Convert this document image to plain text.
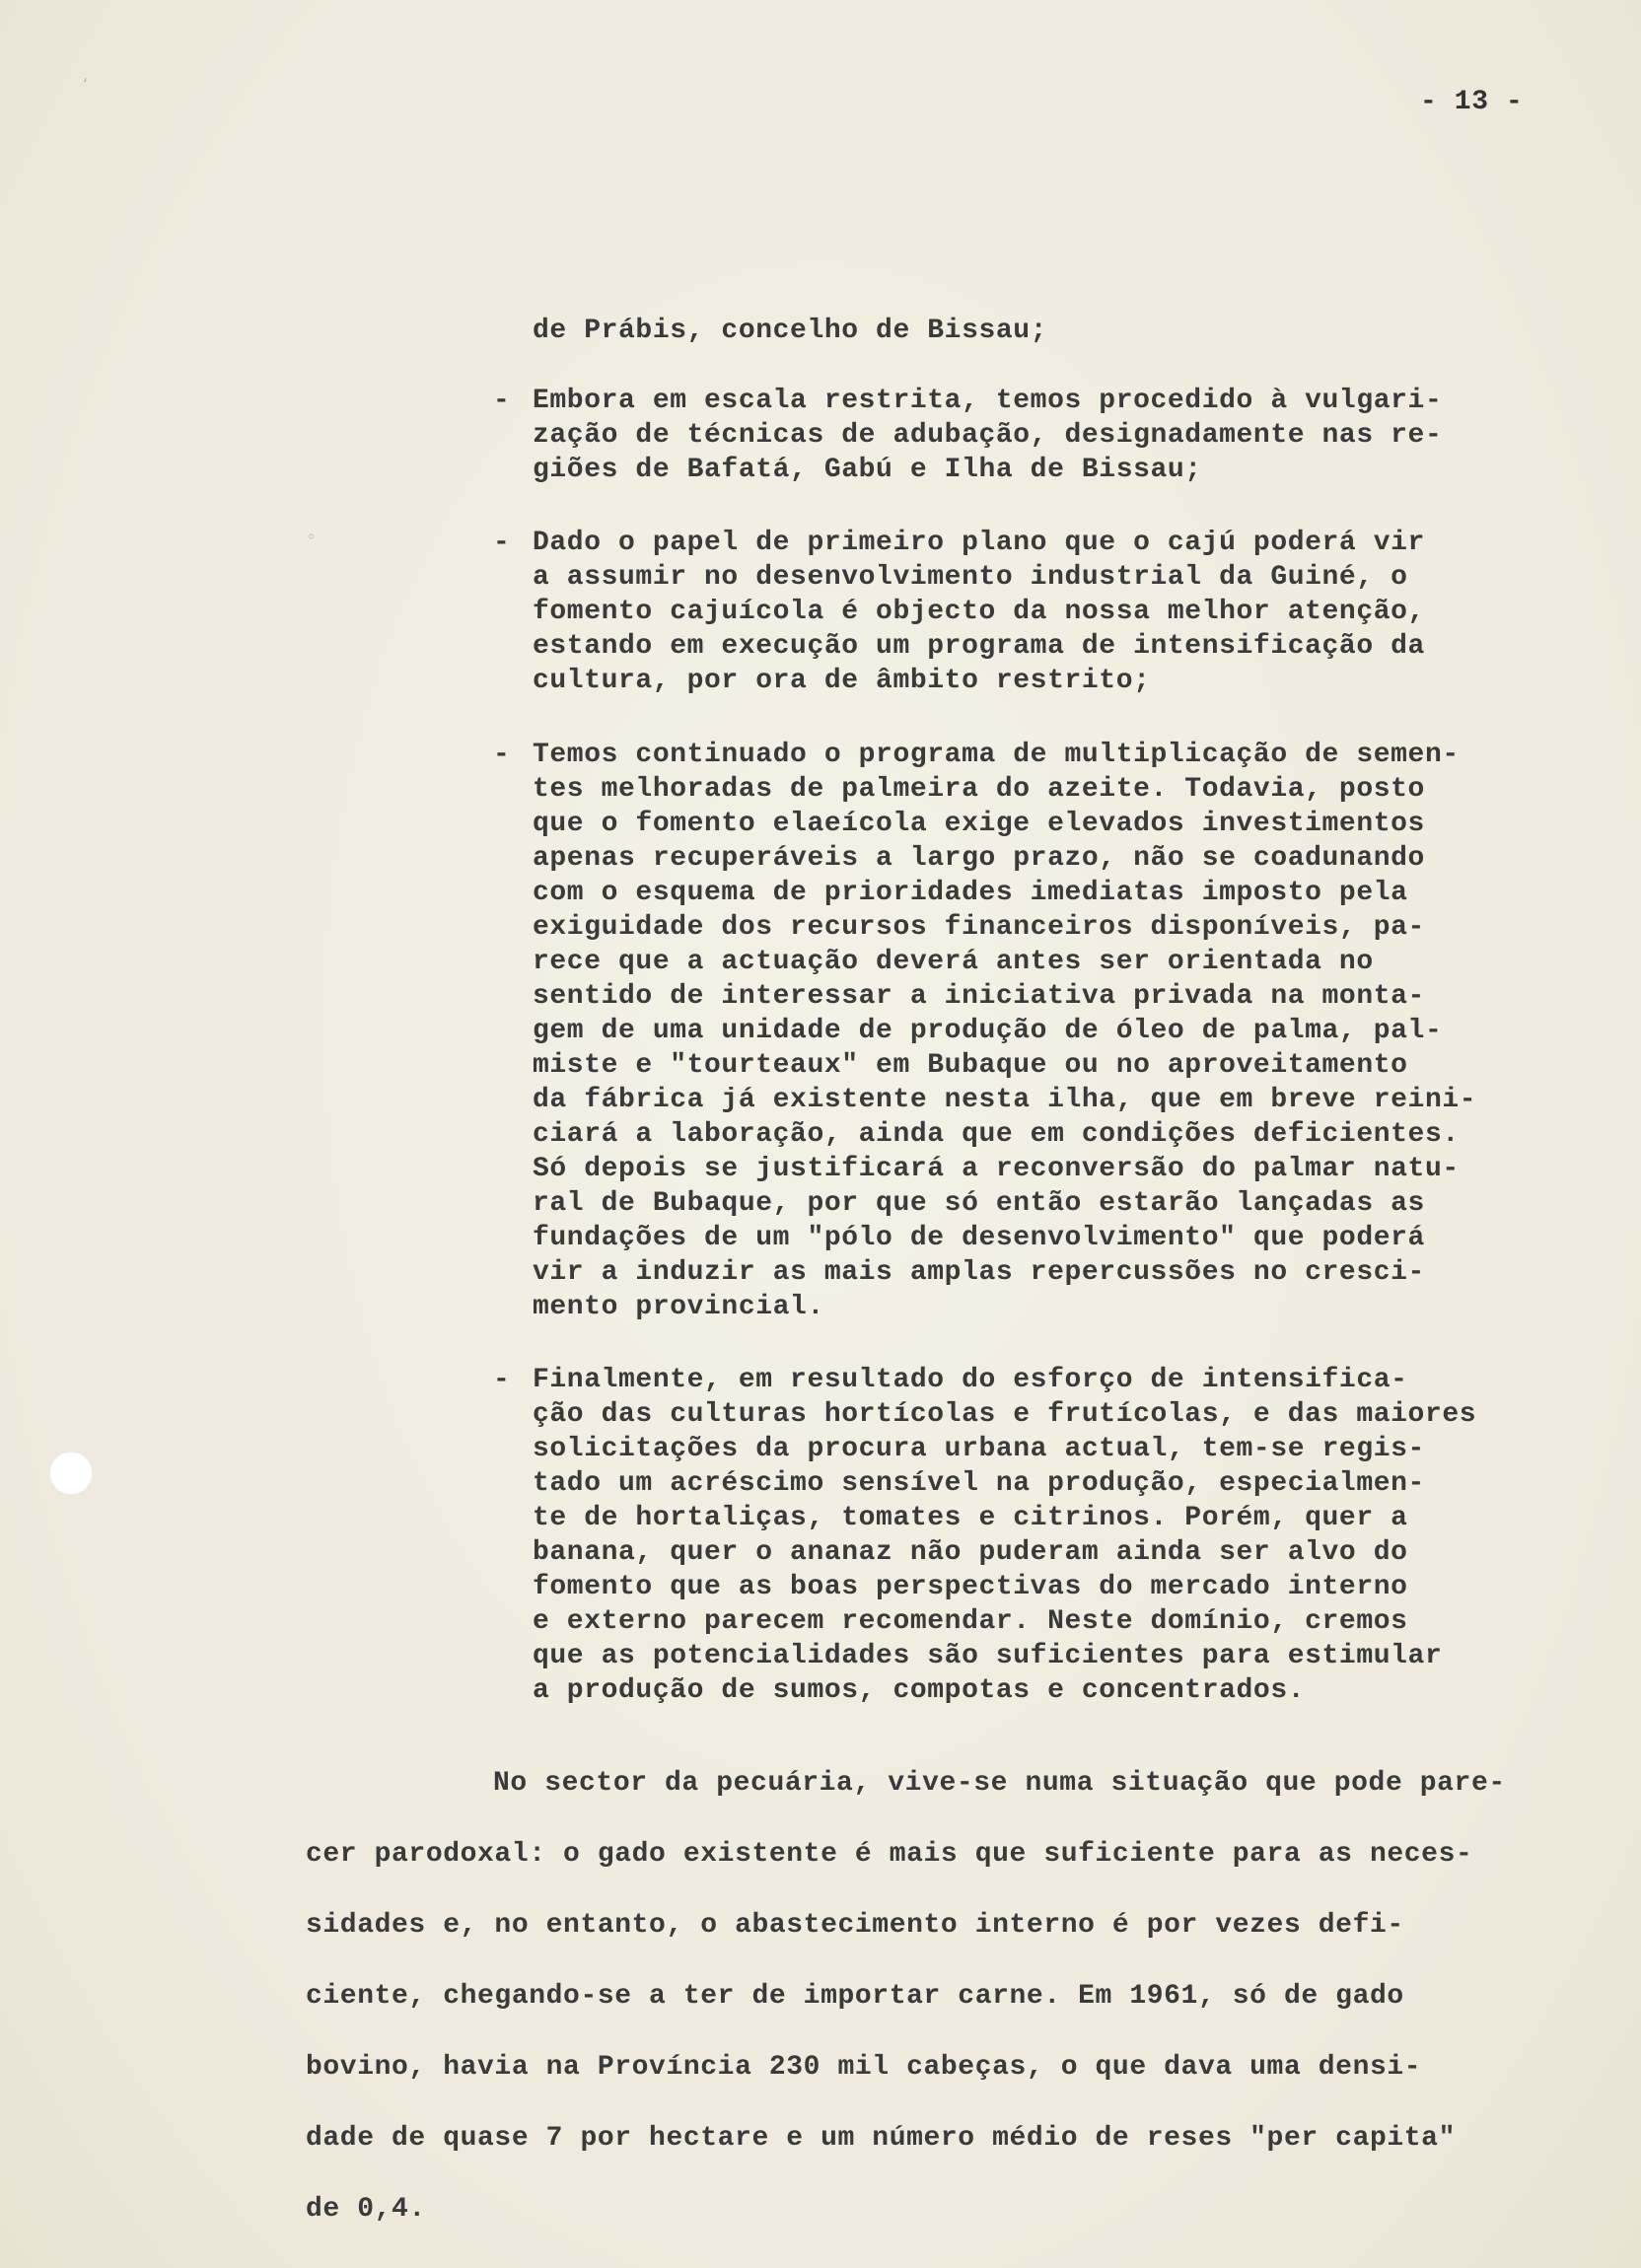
‘
°
- 13 -
de Prábis, concelho de Bissau;
- Embora em escala restrita, temos procedido à vulgari-
zação de técnicas de adubação, designadamente nas re-
giões de Bafatá, Gabú e Ilha de Bissau;
- Dado o papel de primeiro plano que o cajú poderá vir
a assumir no desenvolvimento industrial da Guiné, o
fomento cajuícola é objecto da nossa melhor atenção,
estando em execução um programa de intensificação da
cultura, por ora de âmbito restrito;
- Temos continuado o programa de multiplicação de semen-
tes melhoradas de palmeira do azeite. Todavia, posto
que o fomento elaeícola exige elevados investimentos
apenas recuperáveis a largo prazo, não se coadunando
com o esquema de prioridades imediatas imposto pela
exiguidade dos recursos financeiros disponíveis, pa-
rece que a actuação deverá antes ser orientada no
sentido de interessar a iniciativa privada na monta-
gem de uma unidade de produção de óleo de palma, pal-
miste e "tourteaux" em Bubaque ou no aproveitamento
da fábrica já existente nesta ilha, que em breve reini-
ciará a laboração, ainda que em condições deficientes.
Só depois se justificará a reconversão do palmar natu-
ral de Bubaque, por que só então estarão lançadas as
fundações de um "pólo de desenvolvimento" que poderá
vir a induzir as mais amplas repercussões no cresci-
mento provincial.
- Finalmente, em resultado do esforço de intensifica-
ção das culturas hortícolas e frutícolas, e das maiores
solicitações da procura urbana actual, tem-se regis-
tado um acréscimo sensível na produção, especialmen-
te de hortaliças, tomates e citrinos. Porém, quer a
banana, quer o ananaz não puderam ainda ser alvo do
fomento que as boas perspectivas do mercado interno
e externo parecem recomendar. Neste domínio, cremos
que as potencialidades são suficientes para estimular
a produção de sumos, compotas e concentrados.
No sector da pecuária, vive-se numa situação que pode pare-
cer parodoxal: o gado existente é mais que suficiente para as neces-
sidades e, no entanto, o abastecimento interno é por vezes defi-
ciente, chegando-se a ter de importar carne. Em 1961, só de gado
bovino, havia na Província 230 mil cabeças, o que dava uma densi-
dade de quase 7 por hectare e um número médio de reses "per capita"
de 0,4.
